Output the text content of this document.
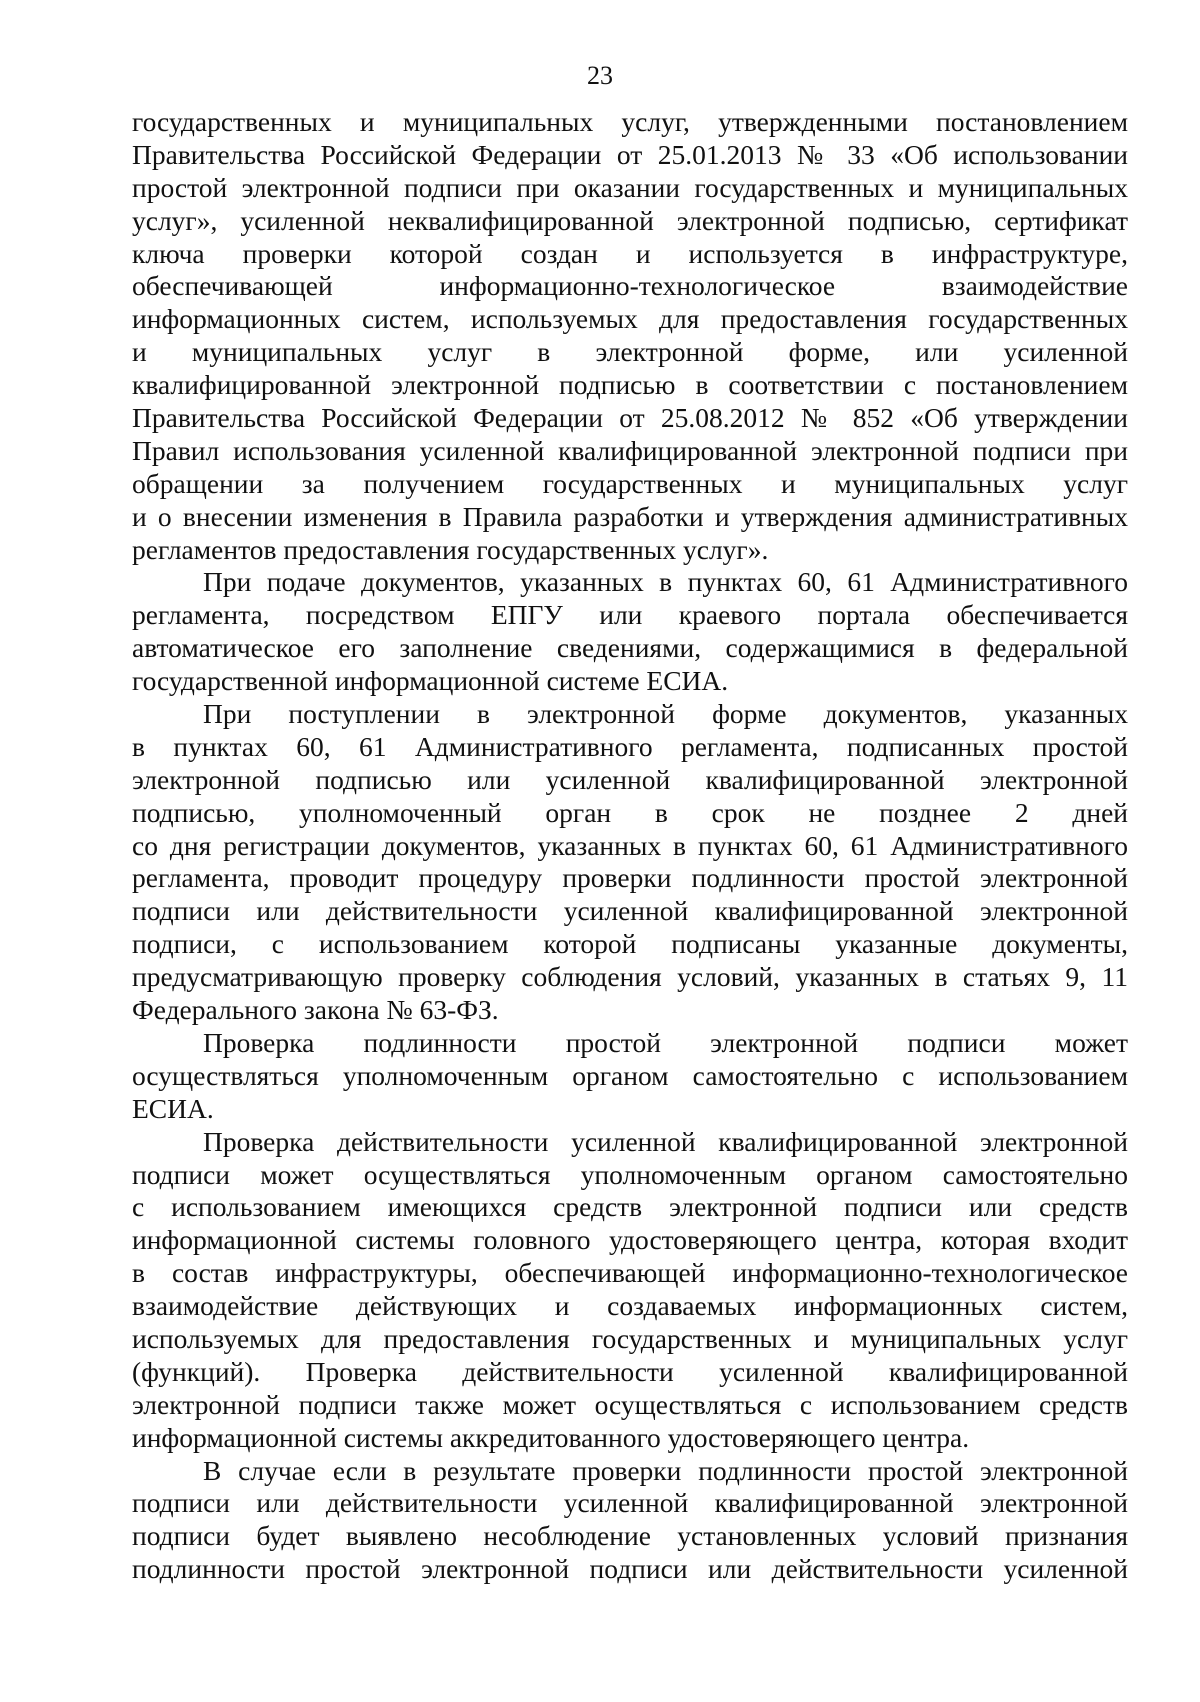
23
государственных и муниципальных услуг, утвержденными постановлением
Правительства Российской Федерации от 25.01.2013 № 33 «Об использовании
простой электронной подписи при оказании государственных и муниципальных
услуг», усиленной неквалифицированной электронной подписью, сертификат
ключа проверки которой создан и используется в инфраструктуре,
обеспечивающей информационно-технологическое взаимодействие
информационных систем, используемых для предоставления государственных
и муниципальных услуг в электронной форме, или усиленной
квалифицированной электронной подписью в соответствии с постановлением
Правительства Российской Федерации от 25.08.2012 № 852 «Об утверждении
Правил использования усиленной квалифицированной электронной подписи при
обращении за получением государственных и муниципальных услуг
и о внесении изменения в Правила разработки и утверждения административных
регламентов предоставления государственных услуг».
При подаче документов, указанных в пунктах 60, 61 Административного
регламента, посредством ЕПГУ или краевого портала обеспечивается
автоматическое его заполнение сведениями, содержащимися в федеральной
государственной информационной системе ЕСИА.
При поступлении в электронной форме документов, указанных
в пунктах 60, 61 Административного регламента, подписанных простой
электронной подписью или усиленной квалифицированной электронной
подписью, уполномоченный орган в срок не позднее 2 дней
со дня регистрации документов, указанных в пунктах 60, 61 Административного
регламента, проводит процедуру проверки подлинности простой электронной
подписи или действительности усиленной квалифицированной электронной
подписи, с использованием которой подписаны указанные документы,
предусматривающую проверку соблюдения условий, указанных в статьях 9, 11
Федерального закона № 63-ФЗ.
Проверка подлинности простой электронной подписи может
осуществляться уполномоченным органом самостоятельно с использованием
ЕСИА.
Проверка действительности усиленной квалифицированной электронной
подписи может осуществляться уполномоченным органом самостоятельно
с использованием имеющихся средств электронной подписи или средств
информационной системы головного удостоверяющего центра, которая входит
в состав инфраструктуры, обеспечивающей информационно-технологическое
взаимодействие действующих и создаваемых информационных систем,
используемых для предоставления государственных и муниципальных услуг
(функций). Проверка действительности усиленной квалифицированной
электронной подписи также может осуществляться с использованием средств
информационной системы аккредитованного удостоверяющего центра.
В случае если в результате проверки подлинности простой электронной
подписи или действительности усиленной квалифицированной электронной
подписи будет выявлено несоблюдение установленных условий признания
подлинности простой электронной подписи или действительности усиленной
